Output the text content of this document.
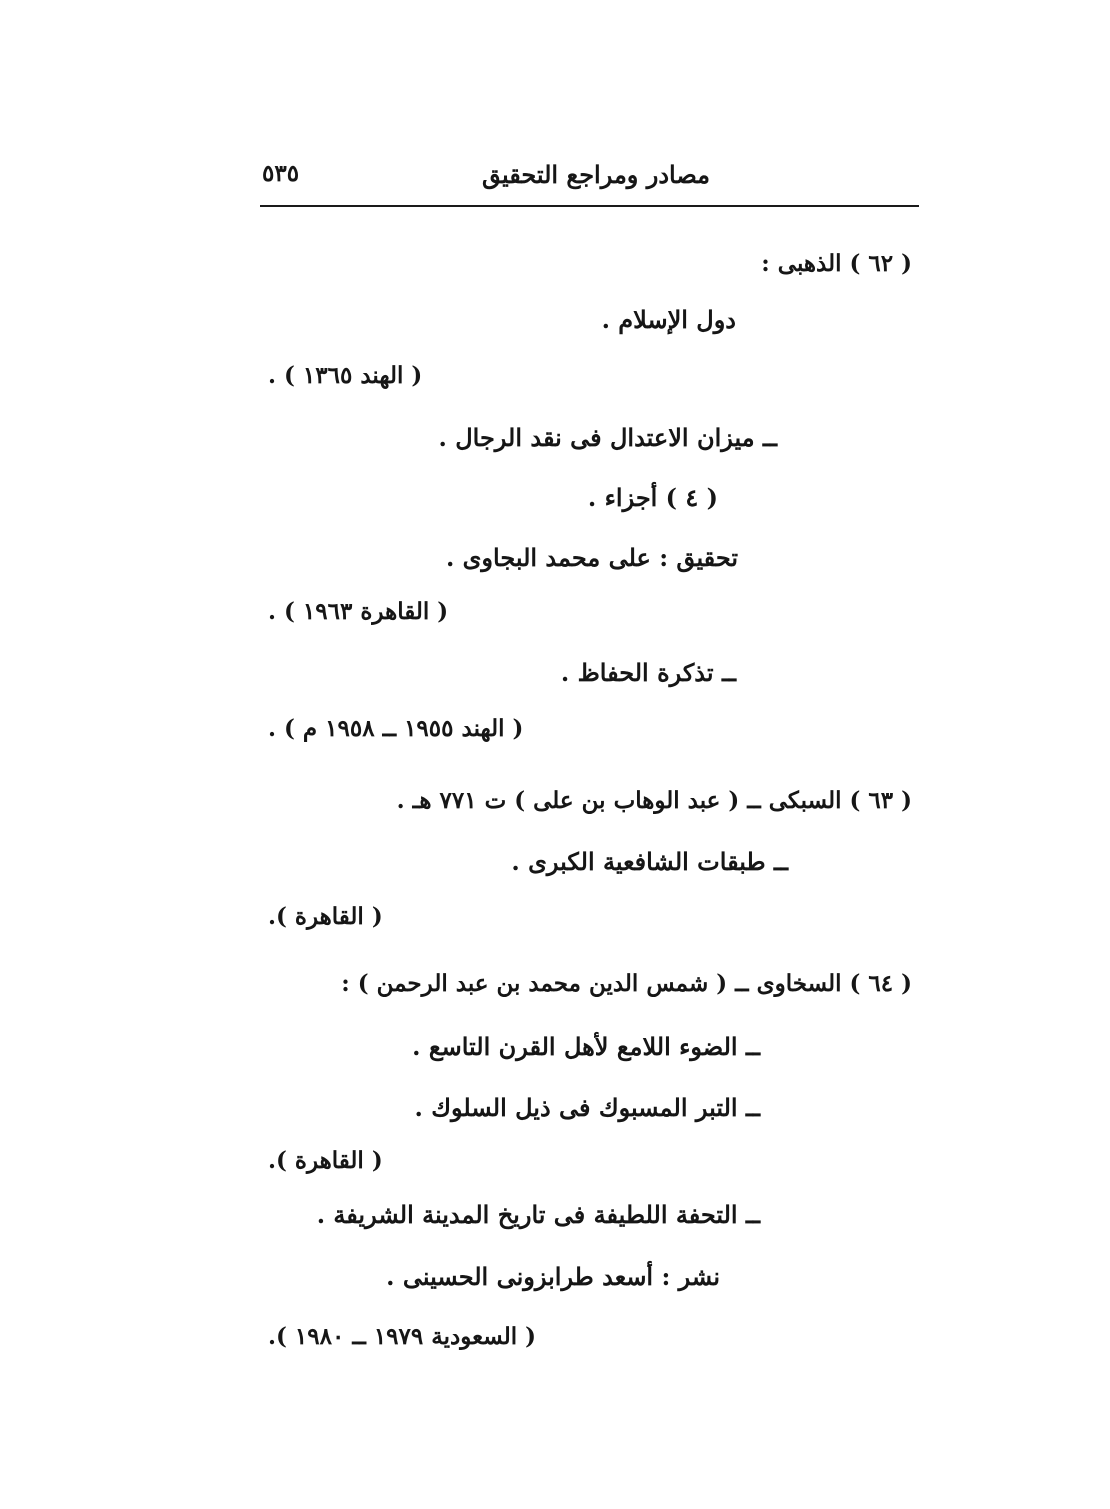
مصادر ومراجع التحقيق
٥٣٥
( ٦٢ ) الذهبى :
دول الإسلام .
( الهند ١٣٦٥ ) .
ــ ميزان الاعتدال فى نقد الرجال .
( ٤ ) أجزاء .
تحقيق : على محمد البجاوى .
( القاهرة ١٩٦٣ ) .
ــ تذكرة الحفاظ .
( الهند ١٩٥٥ ــ ١٩٥٨ م ) .
( ٦٣ ) السبكى ــ ( عبد الوهاب بن على ) ت ٧٧١ هـ .
ــ طبقات الشافعية الكبرى .
( القاهرة ).
( ٦٤ ) السخاوى ــ ( شمس الدين محمد بن عبد الرحمن ) :
ــ الضوء اللامع لأهل القرن التاسع .
ــ التبر المسبوك فى ذيل السلوك .
( القاهرة ).
ــ التحفة اللطيفة فى تاريخ المدينة الشريفة .
نشر : أسعد طرابزونى الحسينى .
( السعودية ١٩٧٩ ــ ١٩٨٠ ).
